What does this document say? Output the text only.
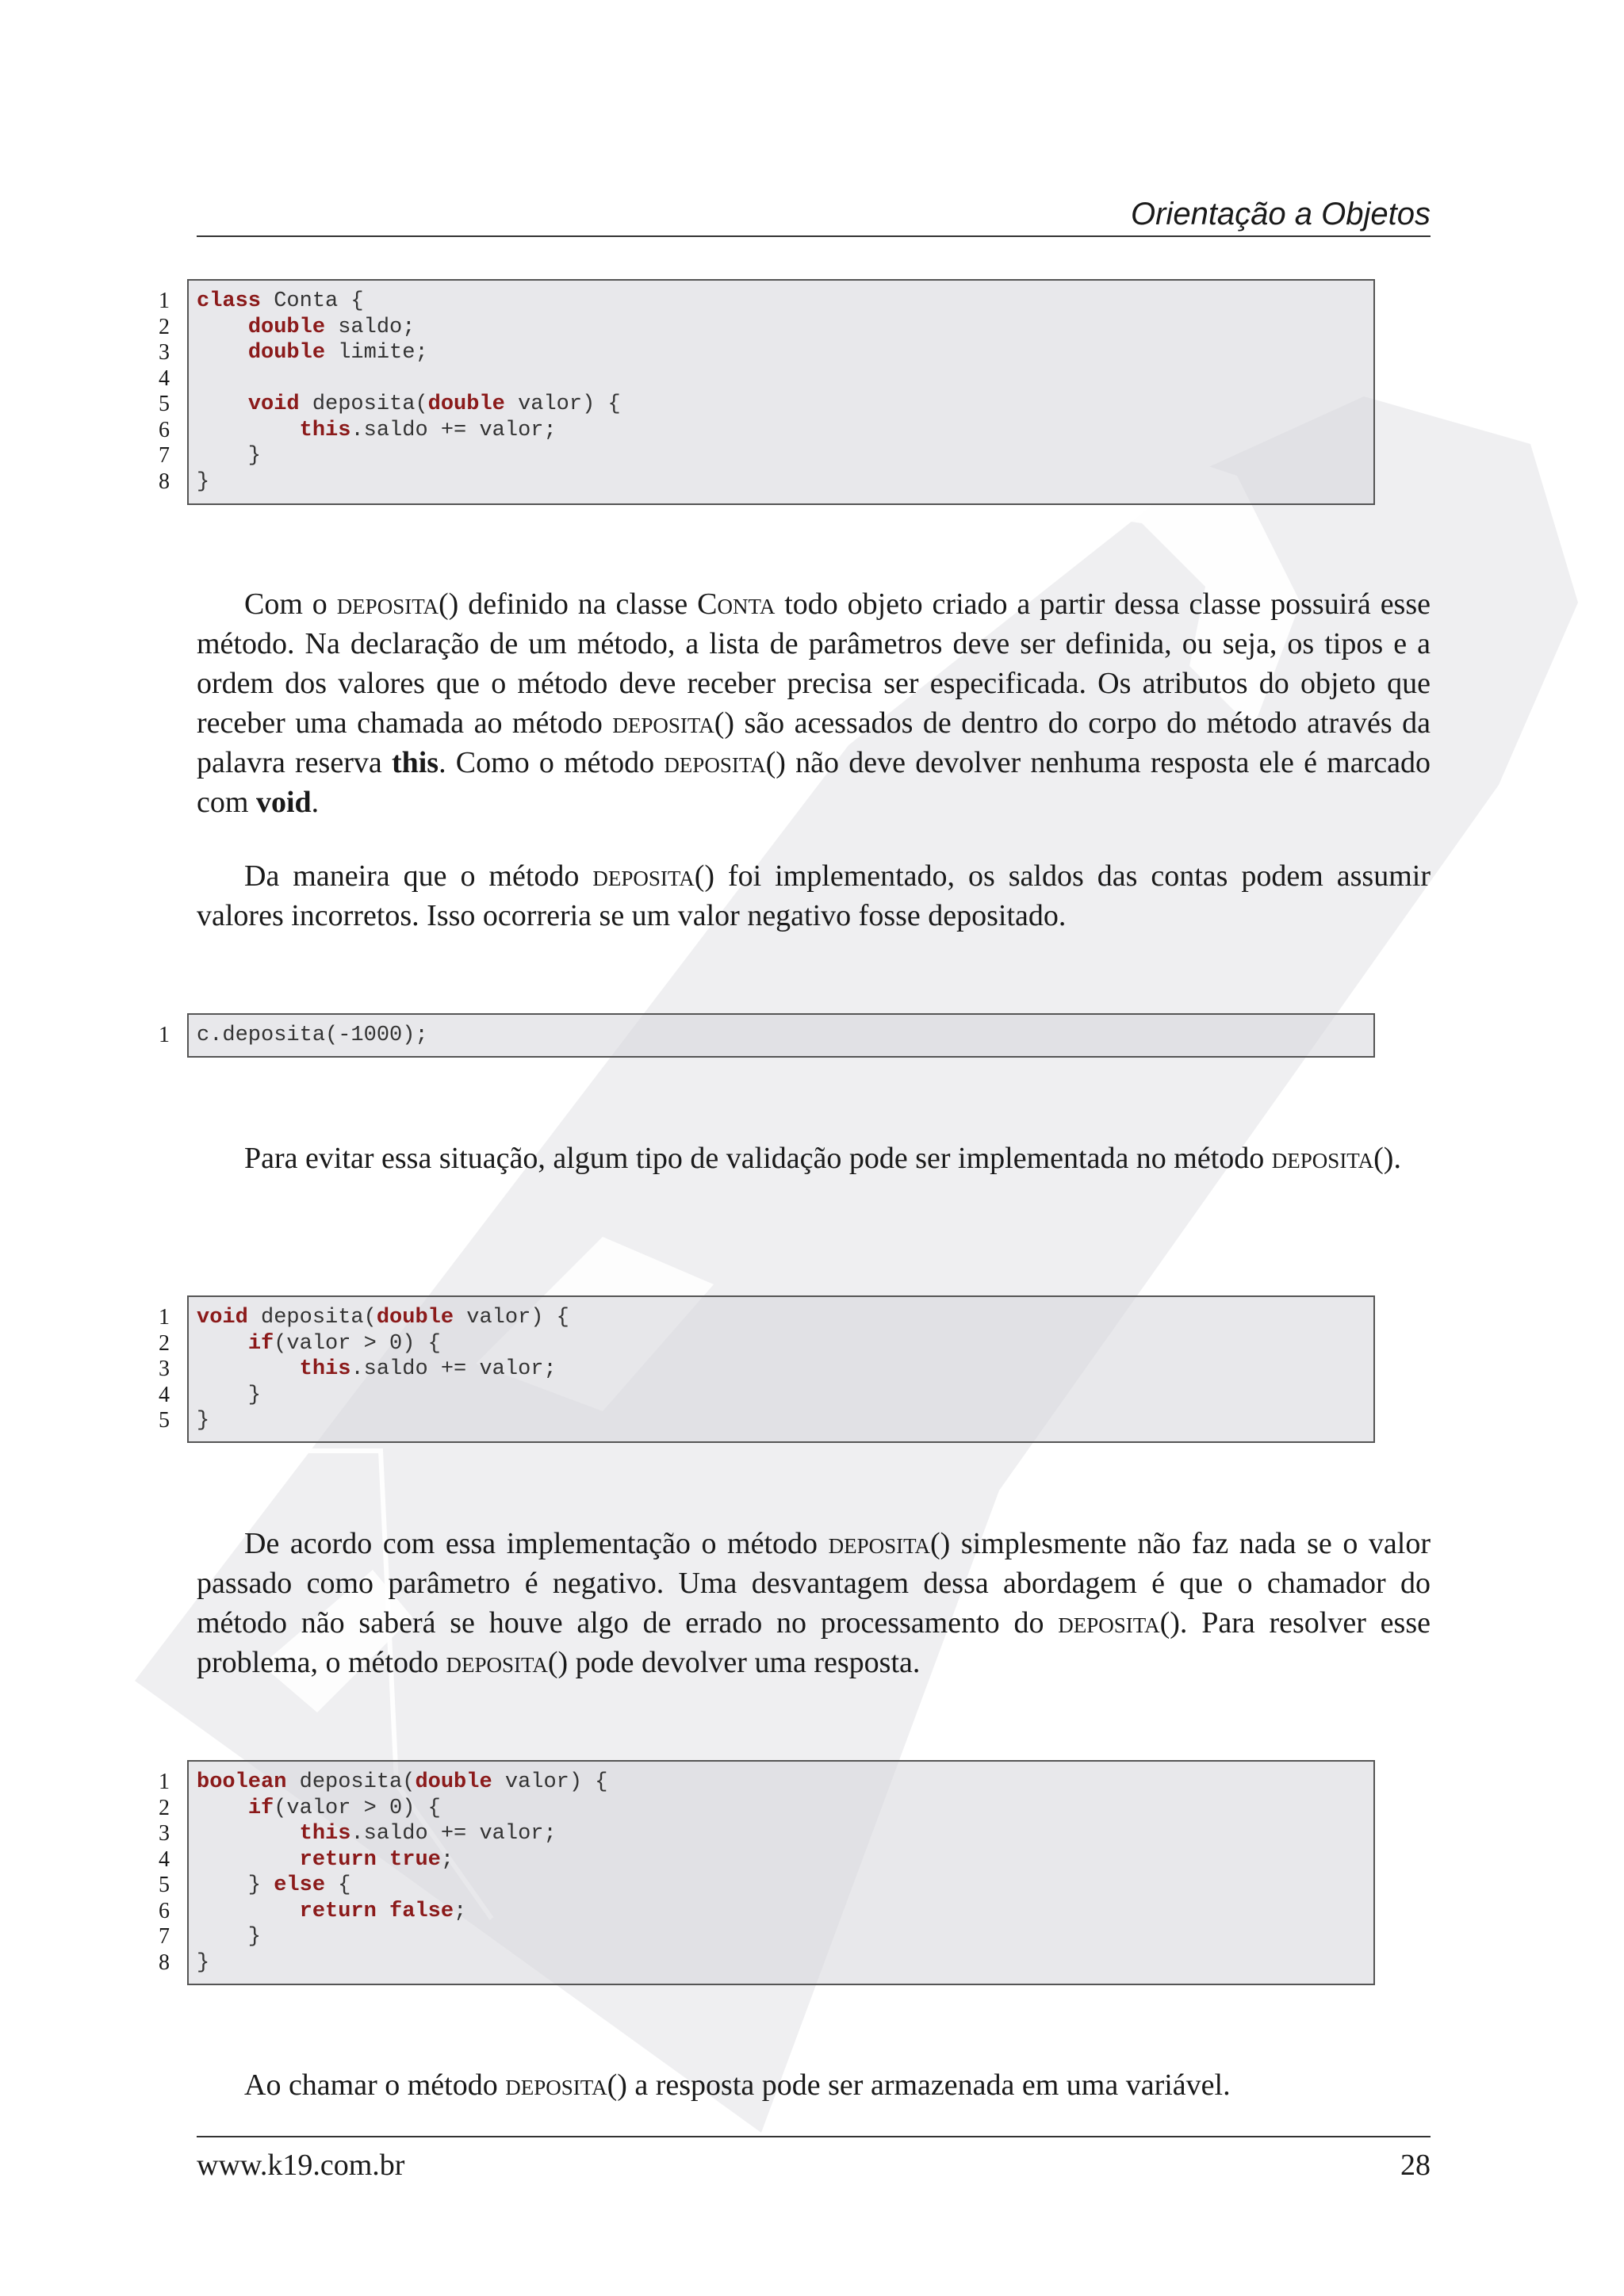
Orientação a Objetos
class Conta {
double saldo;
double limite;
void deposita(double valor) {
this.saldo += valor;
}
}

Com o deposita() definido na classe Conta todo objeto criado a partir dessa classe possuirá esse método. Na declaração de um método, a lista de parâmetros deve ser definida, ou seja, os tipos e a ordem dos valores que o método deve receber precisa ser especificada. Os atributos do objeto que receber uma chamada ao método deposita() são acessados de dentro do corpo do método através da palavra reserva this. Como o método deposita() não deve devolver nenhuma resposta ele é marcado com void.

Da maneira que o método deposita() foi implementado, os saldos das contas podem assumir valores incorretos. Isso ocorreria se um valor negativo fosse depositado.

c.deposita(-1000);

Para evitar essa situação, algum tipo de validação pode ser implementada no método deposita().

void deposita(double valor) {
if(valor > 0) {
this.saldo += valor;
}
}

De acordo com essa implementação o método deposita() simplesmente não faz nada se o valor passado como parâmetro é negativo. Uma desvantagem dessa abordagem é que o chamador do método não saberá se houve algo de errado no processamento do deposita(). Para resolver esse problema, o método deposita() pode devolver uma resposta.

boolean deposita(double valor) {
if(valor > 0) {
this.saldo += valor;
return true;
} else {
return false;
}
}

Ao chamar o método deposita() a resposta pode ser armazenada em uma variável.

www.k19.com.br	28
1
2
3
4
5
6
7
8
1
1
2
3
4
5
1
2
3
4
5
6
7
8
